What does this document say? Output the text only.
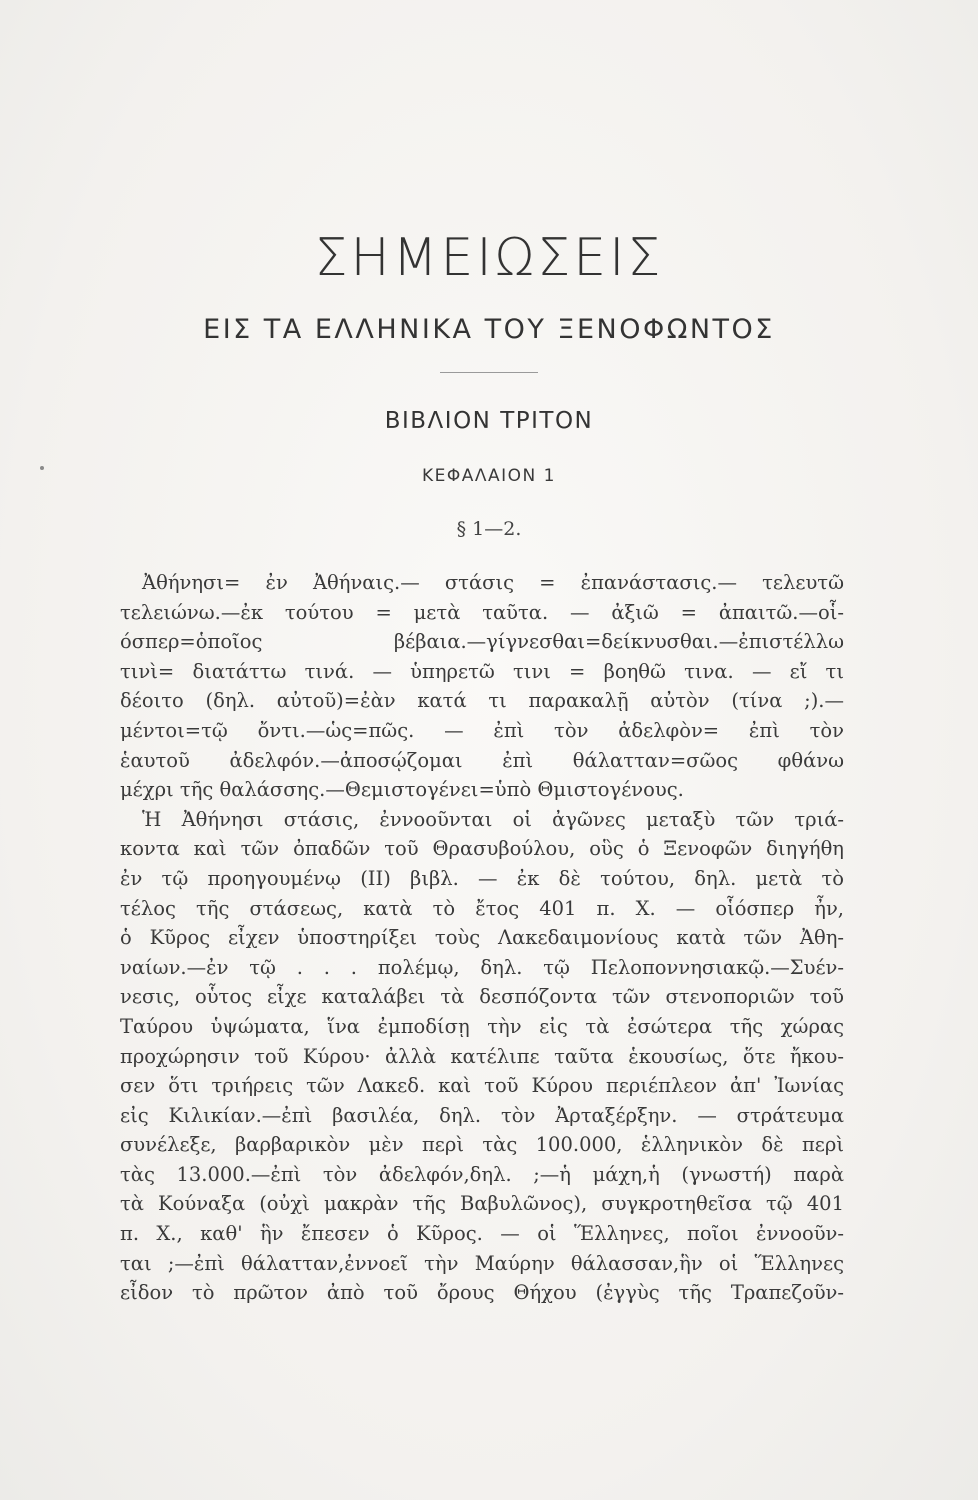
ΣΗΜΕΙΩΣΕΙΣ
ΕΙΣ ΤΑ ΕΛΛΗΝΙΚΑ ΤΟΥ ΞΕΝΟΦΩΝΤΟΣ
ΒΙΒΛΙΟΝ ΤΡΙΤΟΝ
ΚΕΦΑΛΑΙΟΝ 1
§ 1—2.
Ἀθήνησι= ἐν Ἀθήναις.— στάσις = ἐπανάστασις.— τελευτῶ
τελειώνω.—ἐκ τούτου = μετὰ ταῦτα. — ἀξιῶ = ἀπαιτῶ.—οἷ-
όσπερ=ὁποῖος βέβαια.—γίγνεσθαι=δείκνυσθαι.—ἐπιστέλλω
τινὶ= διατάττω τινά. — ὑπηρετῶ τινι = βοηθῶ τινα. — εἴ τι
δέοιτο (δηλ. αὐτοῦ)=ἐὰν κατά τι παρακαλῇ αὐτὸν (τίνα ;).—
μέντοι=τῷ ὄντι.—ὡς=πῶς. — ἐπὶ τὸν ἀδελφὸν= ἐπὶ τὸν
ἑαυτοῦ ἀδελφόν.—ἀποσῴζομαι ἐπὶ θάλατταν=σῶος φθάνω
μέχρι τῆς θαλάσσης.—Θεμιστογένει=ὑπὸ Θμιστογένους.
Ἡ Ἀθήνησι στάσις, ἐννοοῦνται οἱ ἀγῶνες μεταξὺ τῶν τριά-
κοντα καὶ τῶν ὀπαδῶν τοῦ Θρασυβούλου, οὓς ὁ Ξενοφῶν διηγήθη
ἐν τῷ προηγουμένῳ (ΙΙ) βιβλ. — ἐκ δὲ τούτου, δηλ. μετὰ τὸ
τέλος τῆς στάσεως, κατὰ τὸ ἔτος 401 π. Χ. — οἷόσπερ ἦν,
ὁ Κῦρος εἶχεν ὑποστηρίξει τοὺς Λακεδαιμονίους κατὰ τῶν Ἀθη-
ναίων.—ἐν τῷ . . . πολέμῳ, δηλ. τῷ Πελοποννησιακῷ.—Συέν-
νεσις, οὗτος εἶχε καταλάβει τὰ δεσπόζοντα τῶν στενοποριῶν τοῦ
Ταύρου ὑψώματα, ἵνα ἐμποδίσῃ τὴν εἰς τὰ ἐσώτερα τῆς χώρας
προχώρησιν τοῦ Κύρου· ἀλλὰ κατέλιπε ταῦτα ἑκουσίως, ὅτε ἤκου-
σεν ὅτι τριήρεις τῶν Λακεδ. καὶ τοῦ Κύρου περιέπλεον ἀπ' Ἰωνίας
εἰς Κιλικίαν.—ἐπὶ βασιλέα, δηλ. τὸν Ἀρταξέρξην. — στράτευμα
συνέλεξε, βαρβαρικὸν μὲν περὶ τὰς 100.000, ἑλληνικὸν δὲ περὶ
τὰς 13.000.—ἐπὶ τὸν ἀδελφόν,δηλ. ;—ἡ μάχη,ἡ (γνωστή) παρὰ
τὰ Κούναξα (οὐχὶ μακρὰν τῆς Βαβυλῶνος), συγκροτηθεῖσα τῷ 401
π. Χ., καθ' ἣν ἔπεσεν ὁ Κῦρος. — οἱ Ἕλληνες, ποῖοι ἐννοοῦν-
ται ;—ἐπὶ θάλατταν,ἐννοεῖ τὴν Μαύρην θάλασσαν,ἣν οἱ Ἕλληνες
εἶδον τὸ πρῶτον ἀπὸ τοῦ ὄρους Θήχου (ἐγγὺς τῆς Τραπεζοῦν-
